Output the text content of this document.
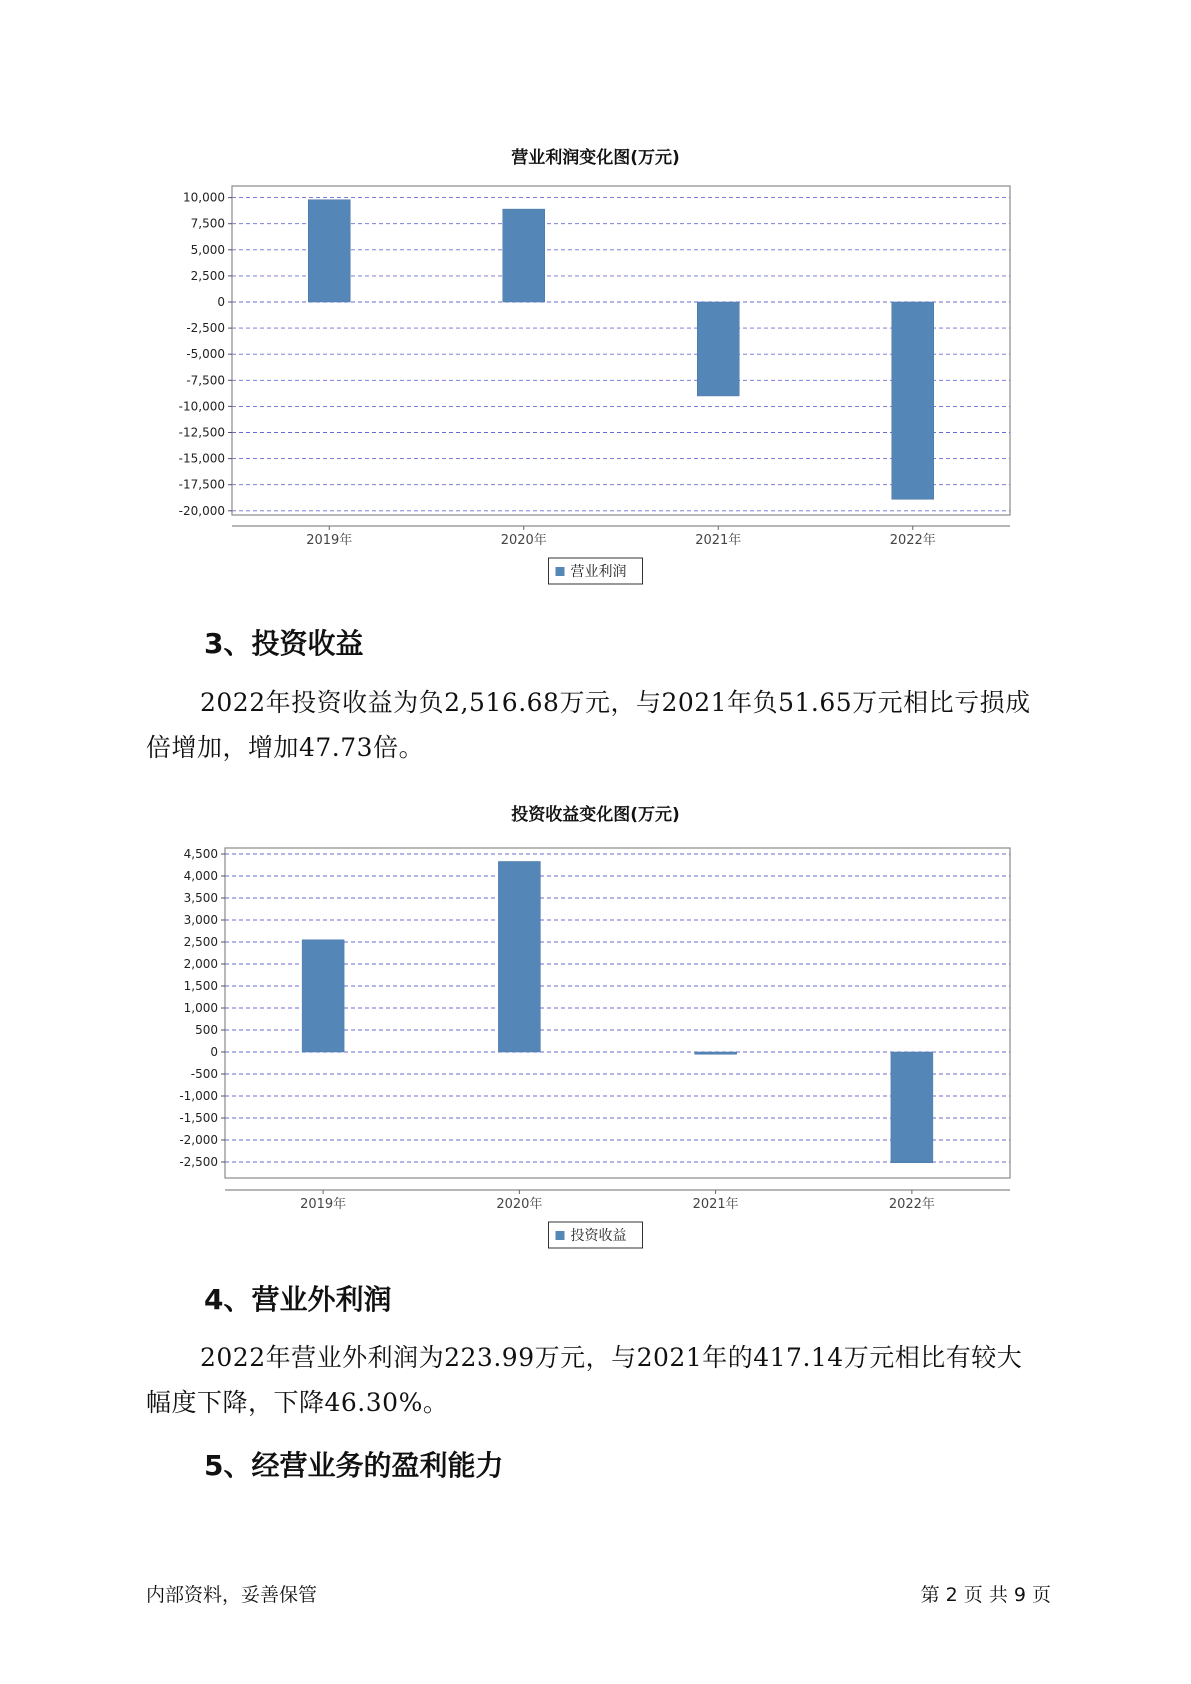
营业利润变化图(万元)
10,000
7,500
5,000
2,500
0
-2,500
-5,000
-7,500
-10,000
-12,500
-15,000
-17,500
-20,000
2019年	2020年	2021年	2022年
营业利润
3、投资收益
2022年投资收益为负2,516.68万元，与2021年负51.65万元相比亏损成
倍增加，增加47.73倍。
投资收益变化图(万元)
4,500
4,000
3,500
3,000
2,500
2,000
1,500
1,000
500
0
-500
-1,000
-1,500
-2,000
-2,500
2019年	2020年	2021年	2022年
投资收益
4、营业外利润
2022年营业外利润为223.99万元，与2021年的417.14万元相比有较大
幅度下降，下降46.30%。
5、经营业务的盈利能力
内部资料，妥善保管	第 2 页 共 9 页
